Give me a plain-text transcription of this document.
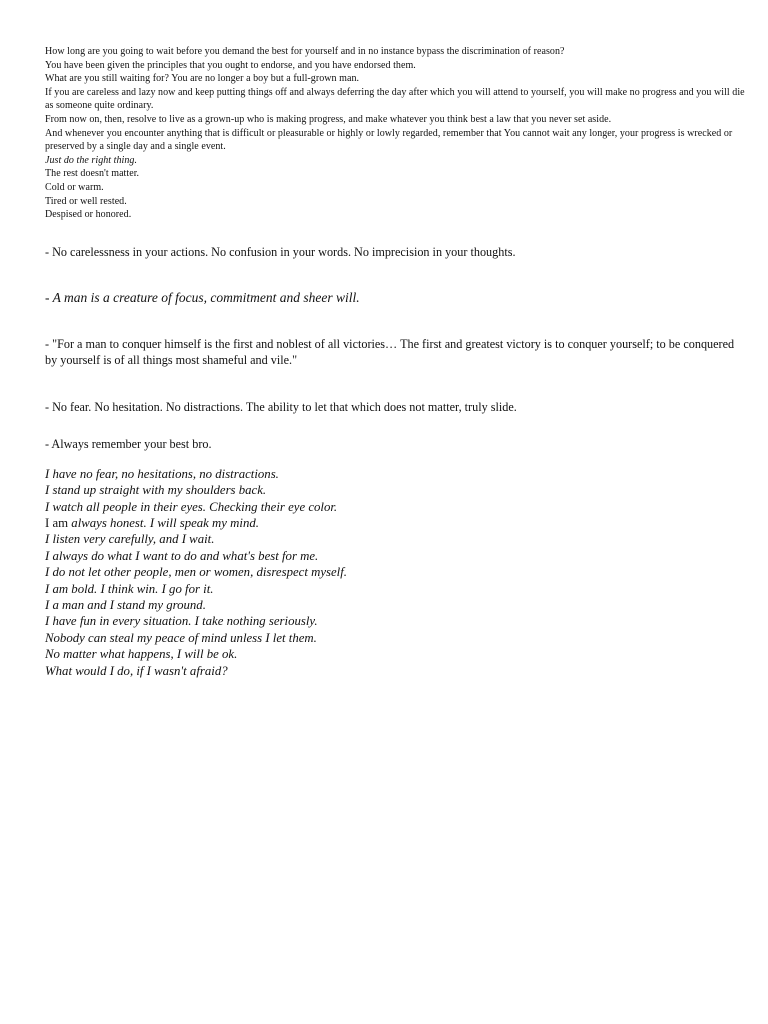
How long are you going to wait before you demand the best for yourself and in no instance bypass the discrimination of reason?

You have been given the principles that you ought to endorse, and you have endorsed them.

What are you still waiting for? You are no longer a boy but a full-grown man.

If you are careless and lazy now and keep putting things off and always deferring the day after which you will attend to yourself, you will make no progress and you will die as someone quite ordinary.

From now on, then, resolve to live as a grown-up who is making progress, and make whatever you think best a law that you never set aside.

And whenever you encounter anything that is difficult or pleasurable or highly or lowly regarded, remember that You cannot wait any longer, your progress is wrecked or preserved by a single day and a single event.

Just do the right thing.

The rest doesn't matter.

Cold or warm.

Tired or well rested.

Despised or honored.

- No carelessness in your actions. No confusion in your words. No imprecision in your thoughts.

- A man is a creature of focus, commitment and sheer will.

- "For a man to conquer himself is the first and noblest of all victories… The first and greatest victory is to conquer yourself; to be conquered by yourself is of all things most shameful and vile."

- No fear. No hesitation. No distractions. The ability to let that which does not matter, truly slide.

- Always remember your best bro.

I have no fear, no hesitations, no distractions.

I stand up straight with my shoulders back.

I watch all people in their eyes. Checking their eye color.

I am always honest. I will speak my mind.

I listen very carefully, and I wait.

I always do what I want to do and what's best for me.

I do not let other people, men or women, disrespect myself.

I am bold. I think win. I go for it.

I a man and I stand my ground.

I have fun in every situation. I take nothing seriously.

Nobody can steal my peace of mind unless I let them.

No matter what happens, I will be ok.

What would I do, if I wasn't afraid?
